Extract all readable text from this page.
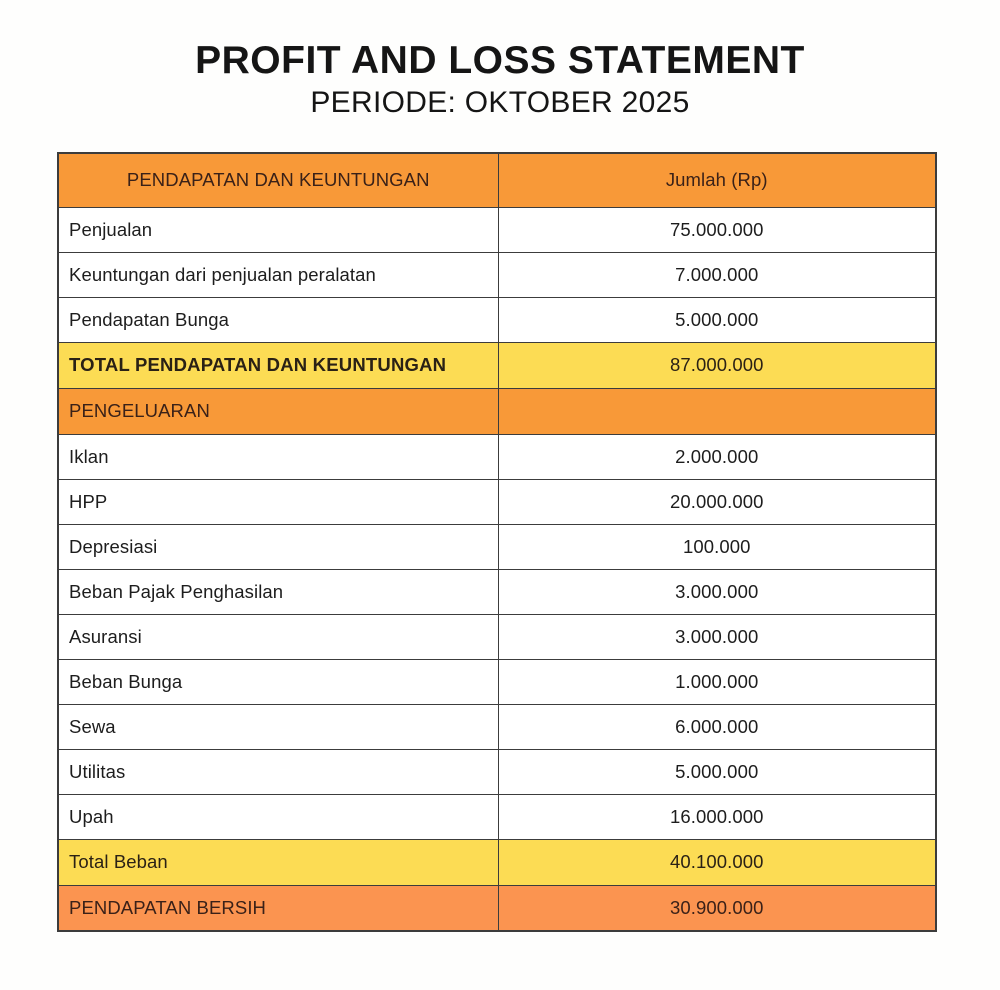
PROFIT AND LOSS STATEMENT
PERIODE: OKTOBER 2025
PENDAPATAN DAN KEUNTUNGAN	Jumlah (Rp)
Penjualan	75.000.000
Keuntungan dari penjualan peralatan	7.000.000
Pendapatan Bunga	5.000.000
TOTAL PENDAPATAN DAN KEUNTUNGAN	87.000.000
PENGELUARAN	
Iklan	2.000.000
HPP	20.000.000
Depresiasi	100.000
Beban Pajak Penghasilan	3.000.000
Asuransi	3.000.000
Beban Bunga	1.000.000
Sewa	6.000.000
Utilitas	5.000.000
Upah	16.000.000
Total Beban	40.100.000
PENDAPATAN BERSIH	30.900.000
